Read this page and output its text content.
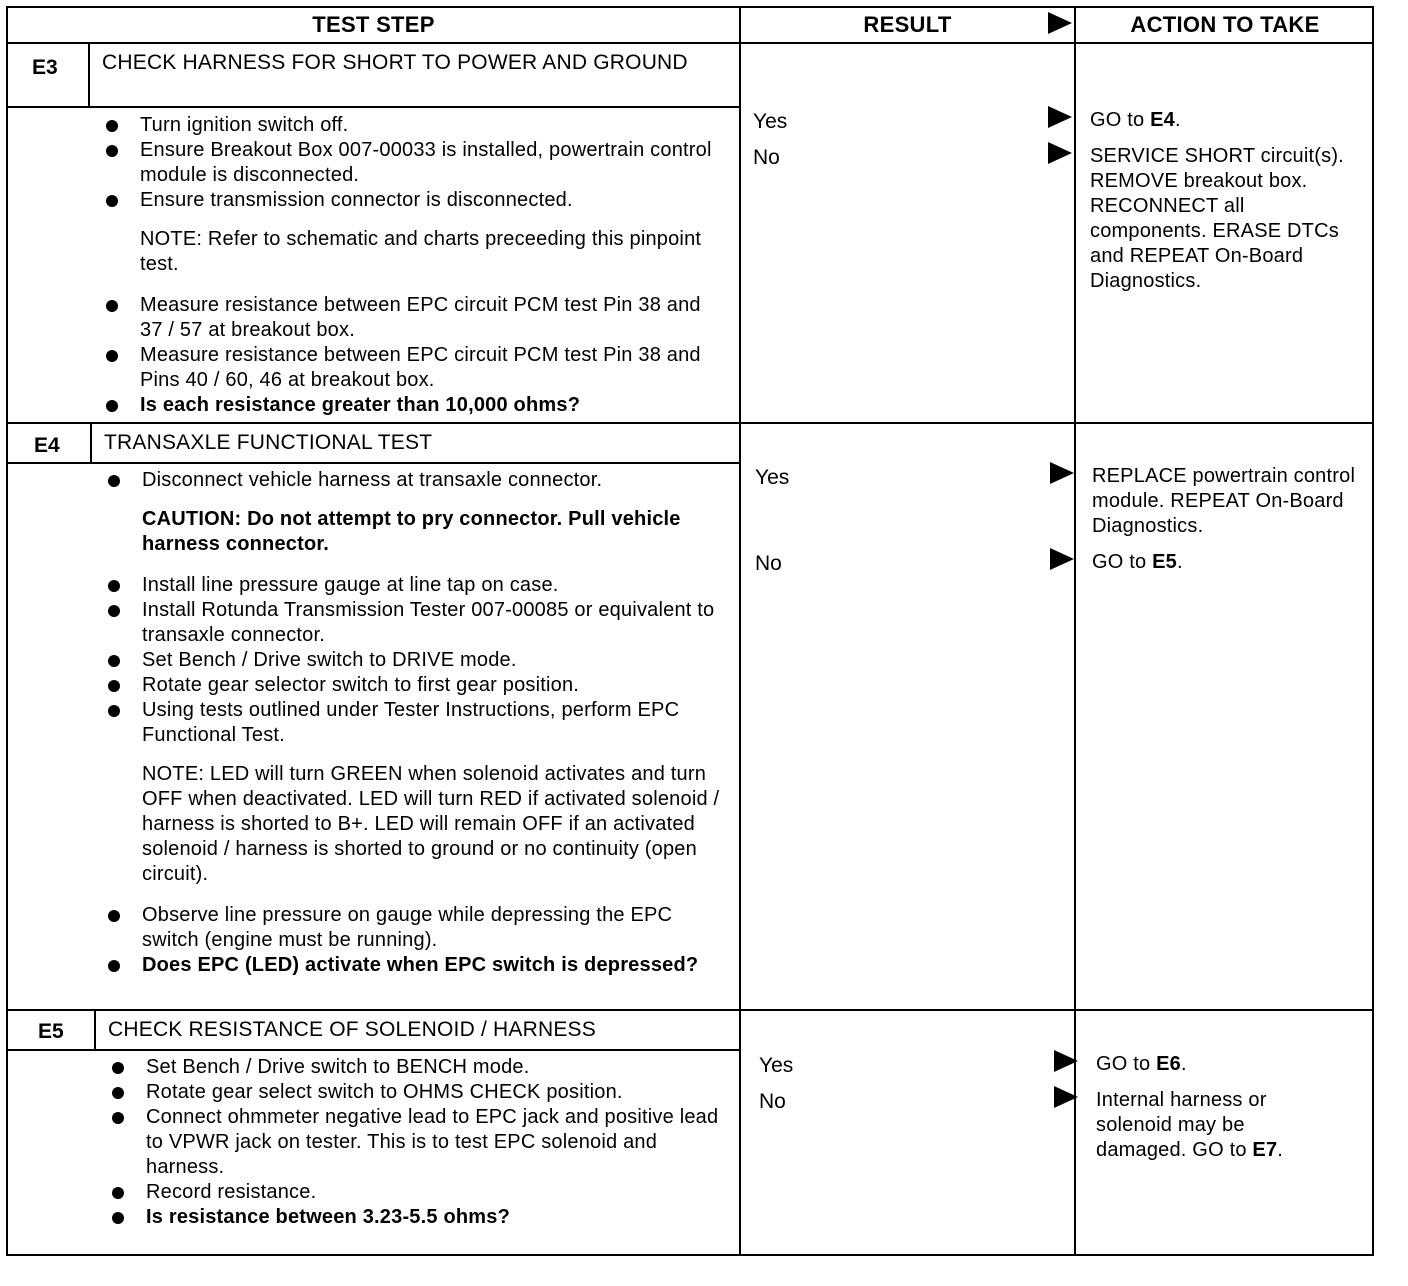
TEST STEP	RESULT	ACTION TO TAKE
E3 CHECK HARNESS FOR SHORT TO POWER AND GROUND
Turn ignition switch off.
Ensure Breakout Box 007-00033 is installed, powertrain control module is disconnected.
Ensure transmission connector is disconnected.
NOTE: Refer to schematic and charts preceeding this pinpoint test.
Measure resistance between EPC circuit PCM test Pin 38 and 37 / 57 at breakout box.
Measure resistance between EPC circuit PCM test Pin 38 and Pins 40 / 60, 46 at breakout box.
Is each resistance greater than 10,000 ohms?
Yes
No
GO to E4.
SERVICE SHORT circuit(s). REMOVE breakout box. RECONNECT all components. ERASE DTCs and REPEAT On-Board Diagnostics.
E4 TRANSAXLE FUNCTIONAL TEST
Disconnect vehicle harness at transaxle connector.
CAUTION: Do not attempt to pry connector. Pull vehicle harness connector.
Install line pressure gauge at line tap on case.
Install Rotunda Transmission Tester 007-00085 or equivalent to transaxle connector.
Set Bench / Drive switch to DRIVE mode.
Rotate gear selector switch to first gear position.
Using tests outlined under Tester Instructions, perform EPC Functional Test.
NOTE: LED will turn GREEN when solenoid activates and turn OFF when deactivated. LED will turn RED if activated solenoid / harness is shorted to B+. LED will remain OFF if an activated solenoid / harness is shorted to ground or no continuity (open circuit).
Observe line pressure on gauge while depressing the EPC switch (engine must be running).
Does EPC (LED) activate when EPC switch is depressed?
Yes
No
REPLACE powertrain control module. REPEAT On-Board Diagnostics.
GO to E5.
E5 CHECK RESISTANCE OF SOLENOID / HARNESS
Set Bench / Drive switch to BENCH mode.
Rotate gear select switch to OHMS CHECK position.
Connect ohmmeter negative lead to EPC jack and positive lead to VPWR jack on tester. This is to test EPC solenoid and harness.
Record resistance.
Is resistance between 3.23-5.5 ohms?
Yes
No
GO to E6.
Internal harness or solenoid may be damaged. GO to E7.
